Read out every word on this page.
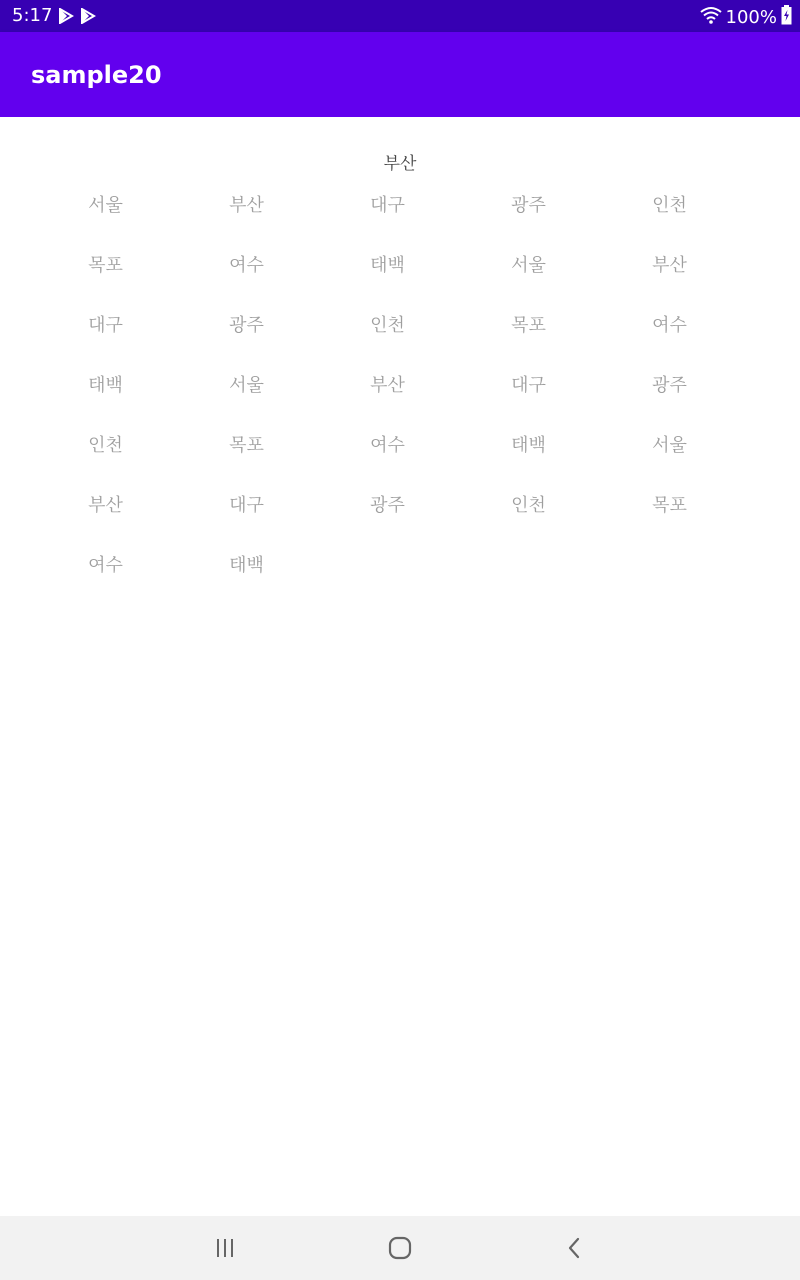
5:17	100%
sample20
부산
서울	부산	대구	광주	인천
목포	여수	태백	서울	부산
대구	광주	인천	목포	여수
태백	서울	부산	대구	광주
인천	목포	여수	태백	서울
부산	대구	광주	인천	목포
여수	태백
